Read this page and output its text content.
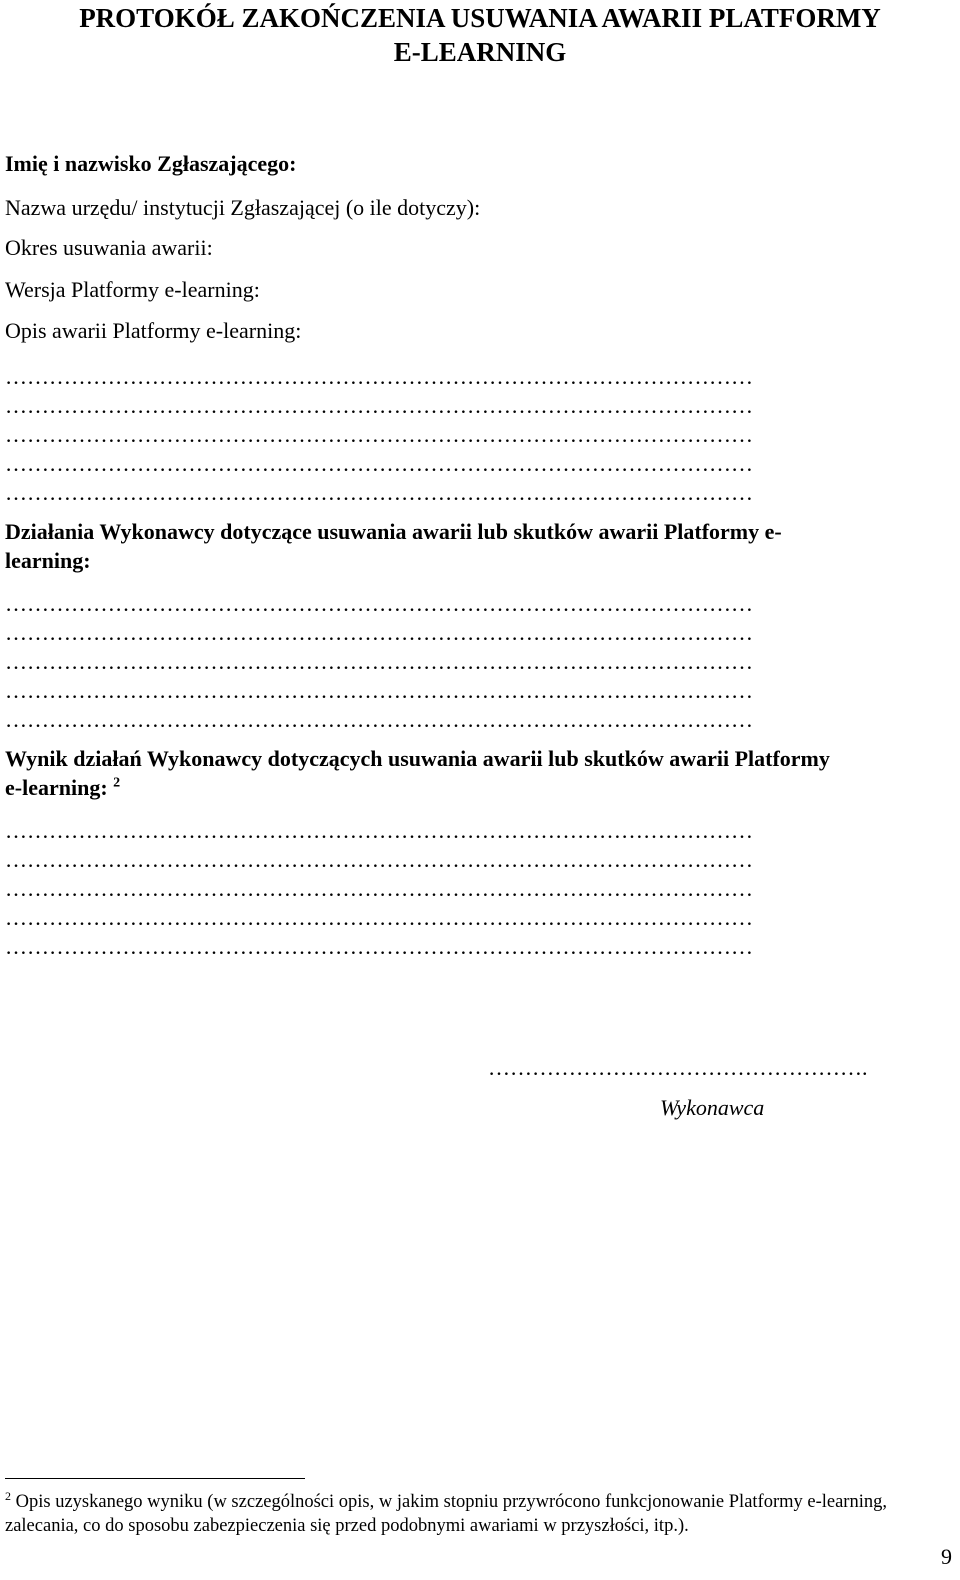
PROTOKÓŁ ZAKOŃCZENIA USUWANIA AWARII PLATFORMY
E-LEARNING
Imię i nazwisko Zgłaszającego:
Nazwa urzędu/ instytucji Zgłaszającej (o ile dotyczy):
Okres usuwania awarii:
Wersja Platformy e-learning:
Opis awarii Platformy e-learning:
…………………………………………………………………………………………
…………………………………………………………………………………………
…………………………………………………………………………………………
…………………………………………………………………………………………
…………………………………………………………………………………………
Działania Wykonawcy dotyczące usuwania awarii lub skutków awarii Platformy e-
learning:
…………………………………………………………………………………………
…………………………………………………………………………………………
…………………………………………………………………………………………
…………………………………………………………………………………………
…………………………………………………………………………………………
Wynik działań Wykonawcy dotyczących usuwania awarii lub skutków awarii Platformy
e-learning: $^2$
…………………………………………………………………………………………
…………………………………………………………………………………………
…………………………………………………………………………………………
…………………………………………………………………………………………
…………………………………………………………………………………………
…………………………………………….
Wykonawca
$^2$ Opis uzyskanego wyniku (w szczególności opis, w jakim stopniu przywrócono funkcjonowanie Platformy e-learning, zalecania, co do sposobu zabezpieczenia się przed podobnymi awariami w przyszłości, itp.).
9
